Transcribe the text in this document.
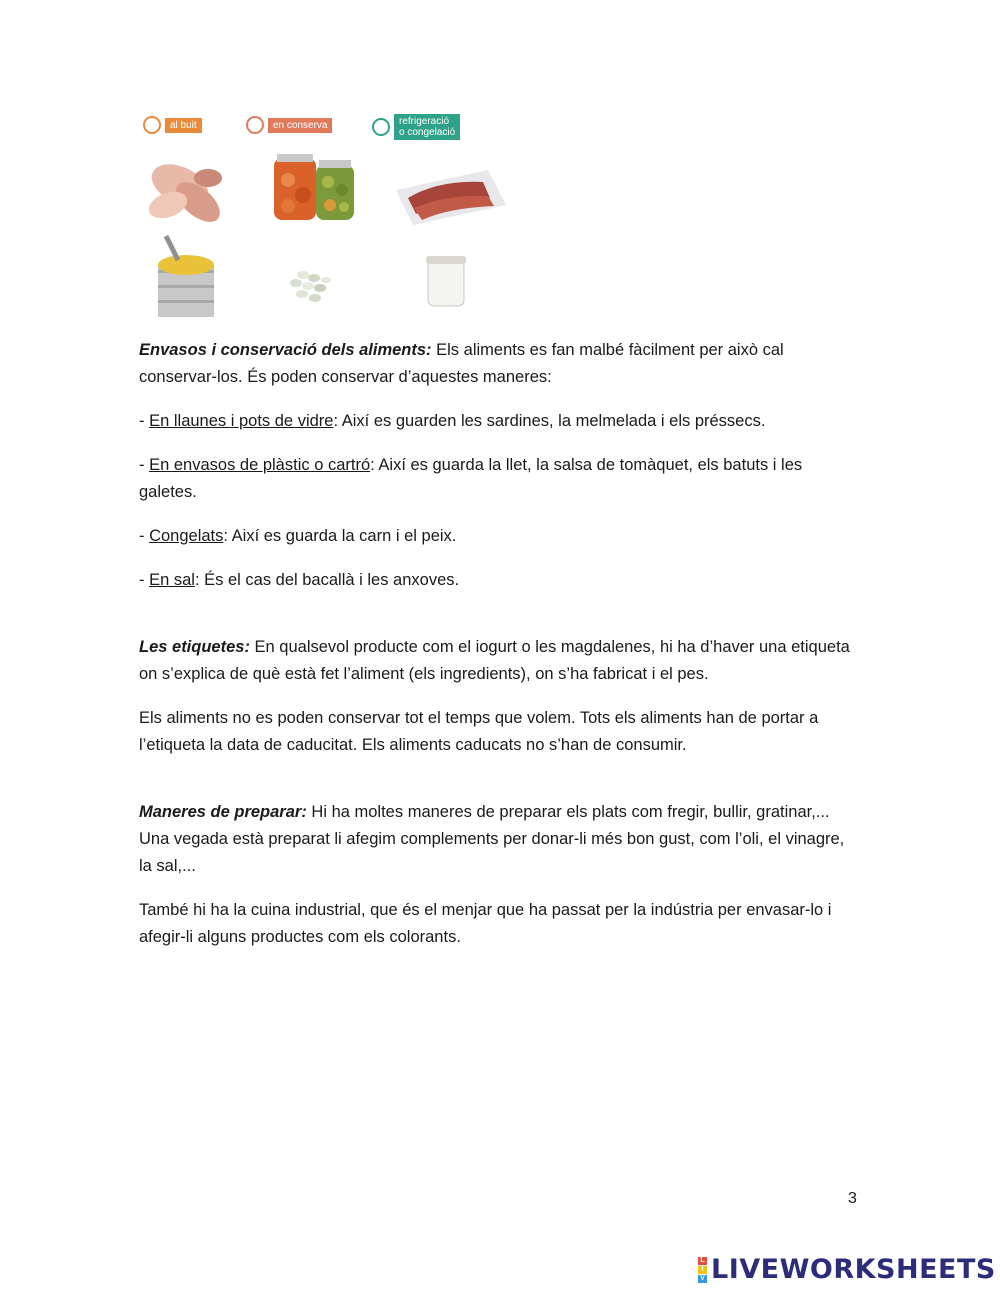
al buit	en conserva	refrigeració
o congelació

Envasos i conservació dels aliments: Els aliments es fan malbé fàcilment per això cal conservar-los. És poden conservar d’aquestes maneres:

- En llaunes i pots de vidre: Així es guarden les sardines, la melmelada i els préssecs.

- En envasos de plàstic o cartró: Així es guarda la llet, la salsa de tomàquet, els batuts i les galetes.

- Congelats: Així es guarda la carn i el peix.

- En sal: És el cas del bacallà i les anxoves.

Les etiquetes: En qualsevol producte com el iogurt o les magdalenes, hi ha d’haver una etiqueta on s’explica de què està fet l’aliment (els ingredients), on s’ha fabricat i el pes.

Els aliments no es poden conservar tot el temps que volem. Tots els aliments han de portar a l’etiqueta la data de caducitat. Els aliments caducats no s’han de consumir.

Maneres de preparar: Hi ha moltes maneres de preparar els plats com fregir, bullir, gratinar,... Una vegada està preparat li afegim complements per donar-li més bon gust, com l’oli, el vinagre, la sal,...

També hi ha la cuina industrial, que és el menjar que ha passat per la indústria per envasar-lo i afegir-li alguns productes com els colorants.

3
L
I
V LIVEWORKSHEETS
